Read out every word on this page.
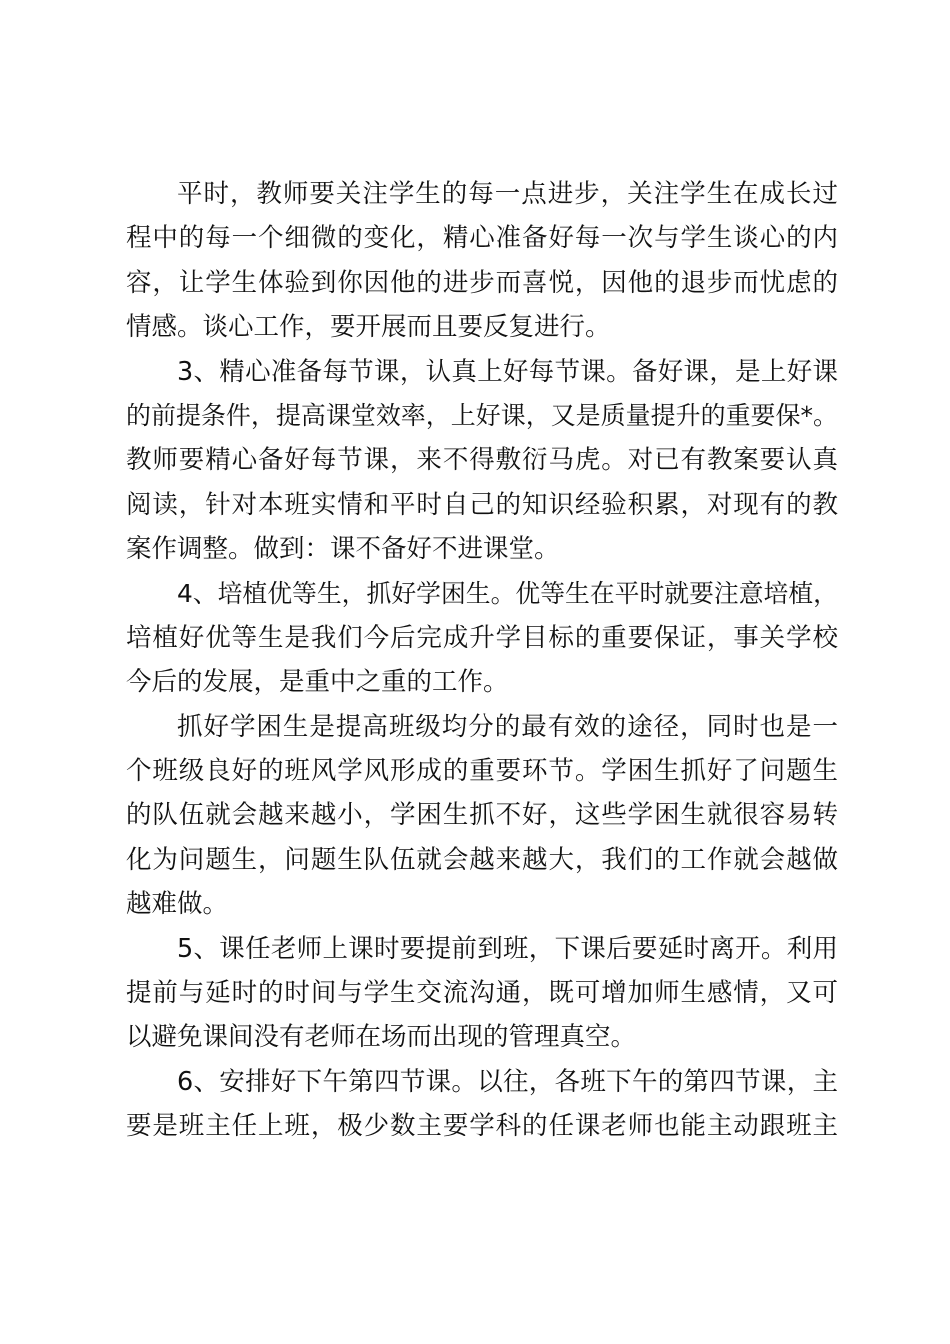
平时，教师要关注学生的每一点进步，关注学生在成长过
程中的每一个细微的变化，精心准备好每一次与学生谈心的内
容，让学生体验到你因他的进步而喜悦，因他的退步而忧虑的
情感。谈心工作，要开展而且要反复进行。
3、精心准备每节课，认真上好每节课。备好课，是上好课
的前提条件，提高课堂效率，上好课，又是质量提升的重要保*。
教师要精心备好每节课，来不得敷衍马虎。对已有教案要认真
阅读，针对本班实情和平时自己的知识经验积累，对现有的教
案作调整。做到：课不备好不进课堂。
4、培植优等生，抓好学困生。优等生在平时就要注意培植，
培植好优等生是我们今后完成升学目标的重要保证，事关学校
今后的发展，是重中之重的工作。
抓好学困生是提高班级均分的最有效的途径，同时也是一
个班级良好的班风学风形成的重要环节。学困生抓好了问题生
的队伍就会越来越小，学困生抓不好，这些学困生就很容易转
化为问题生，问题生队伍就会越来越大，我们的工作就会越做
越难做。
5、课任老师上课时要提前到班，下课后要延时离开。利用
提前与延时的时间与学生交流沟通，既可增加师生感情，又可
以避免课间没有老师在场而出现的管理真空。
6、安排好下午第四节课。以往，各班下午的第四节课，主
要是班主任上班，极少数主要学科的任课老师也能主动跟班主
